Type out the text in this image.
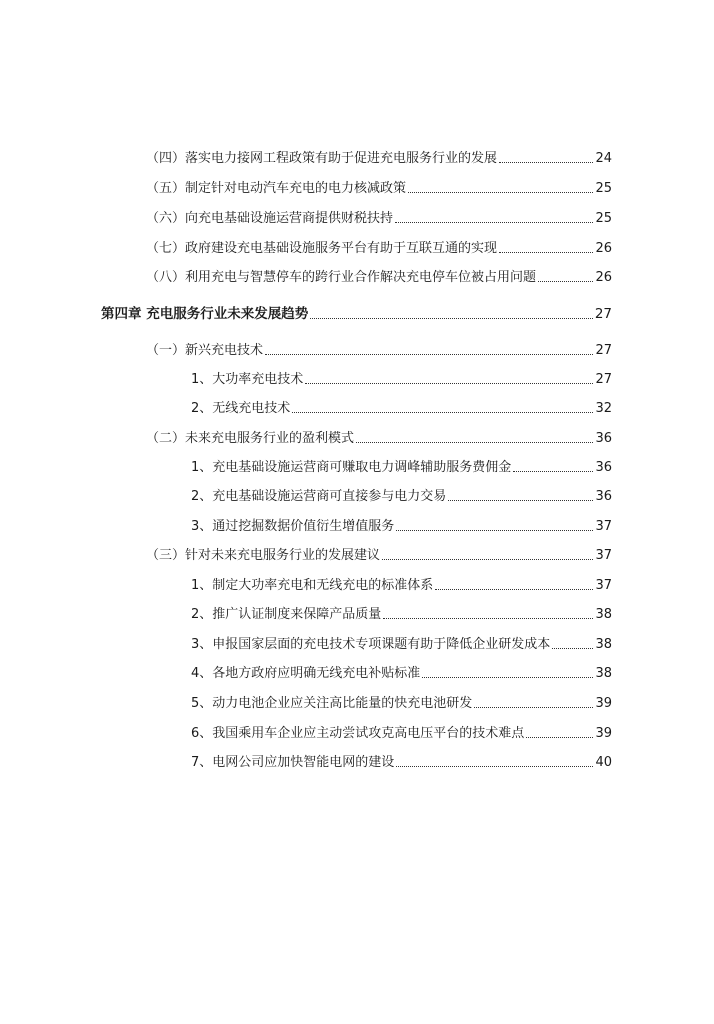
（四）落实电力接网工程政策有助于促进充电服务行业的发展	24
（五）制定针对电动汽车充电的电力核减政策	25
（六）向充电基础设施运营商提供财税扶持	25
（七）政府建设充电基础设施服务平台有助于互联互通的实现	26
（八）利用充电与智慧停车的跨行业合作解决充电停车位被占用问题	26
第四章 充电服务行业未来发展趋势	27
（一）新兴充电技术	27
1、大功率充电技术	27
2、无线充电技术	32
（二）未来充电服务行业的盈利模式	36
1、充电基础设施运营商可赚取电力调峰辅助服务费佣金	36
2、充电基础设施运营商可直接参与电力交易	36
3、通过挖掘数据价值衍生增值服务	37
（三）针对未来充电服务行业的发展建议	37
1、制定大功率充电和无线充电的标准体系	37
2、推广认证制度来保障产品质量	38
3、申报国家层面的充电技术专项课题有助于降低企业研发成本	38
4、各地方政府应明确无线充电补贴标准	38
5、动力电池企业应关注高比能量的快充电池研发	39
6、我国乘用车企业应主动尝试攻克高电压平台的技术难点	39
7、电网公司应加快智能电网的建设	40
